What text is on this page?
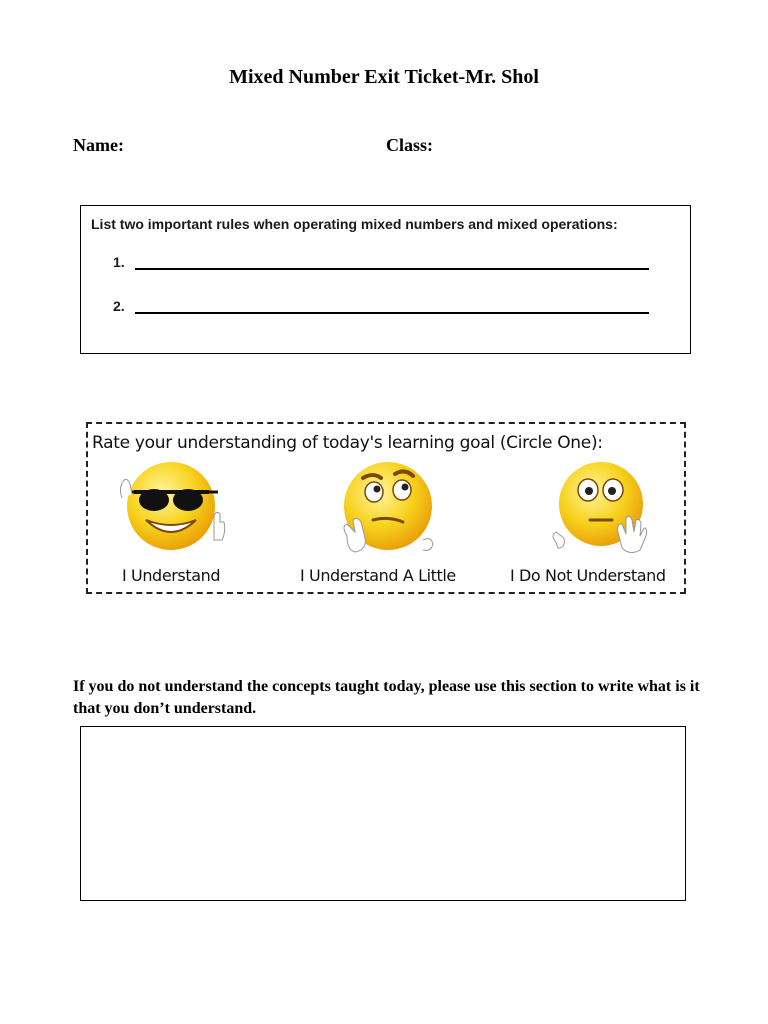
Mixed Number Exit Ticket-Mr. Shol
Name:	Class:
List two important rules when operating mixed numbers and mixed operations:
1.
2.
Rate your understanding of today's learning goal (Circle One):
I Understand	I Understand A Little	I Do Not Understand
If you do not understand the concepts taught today, please use this section to write what is it that you don’t understand.
